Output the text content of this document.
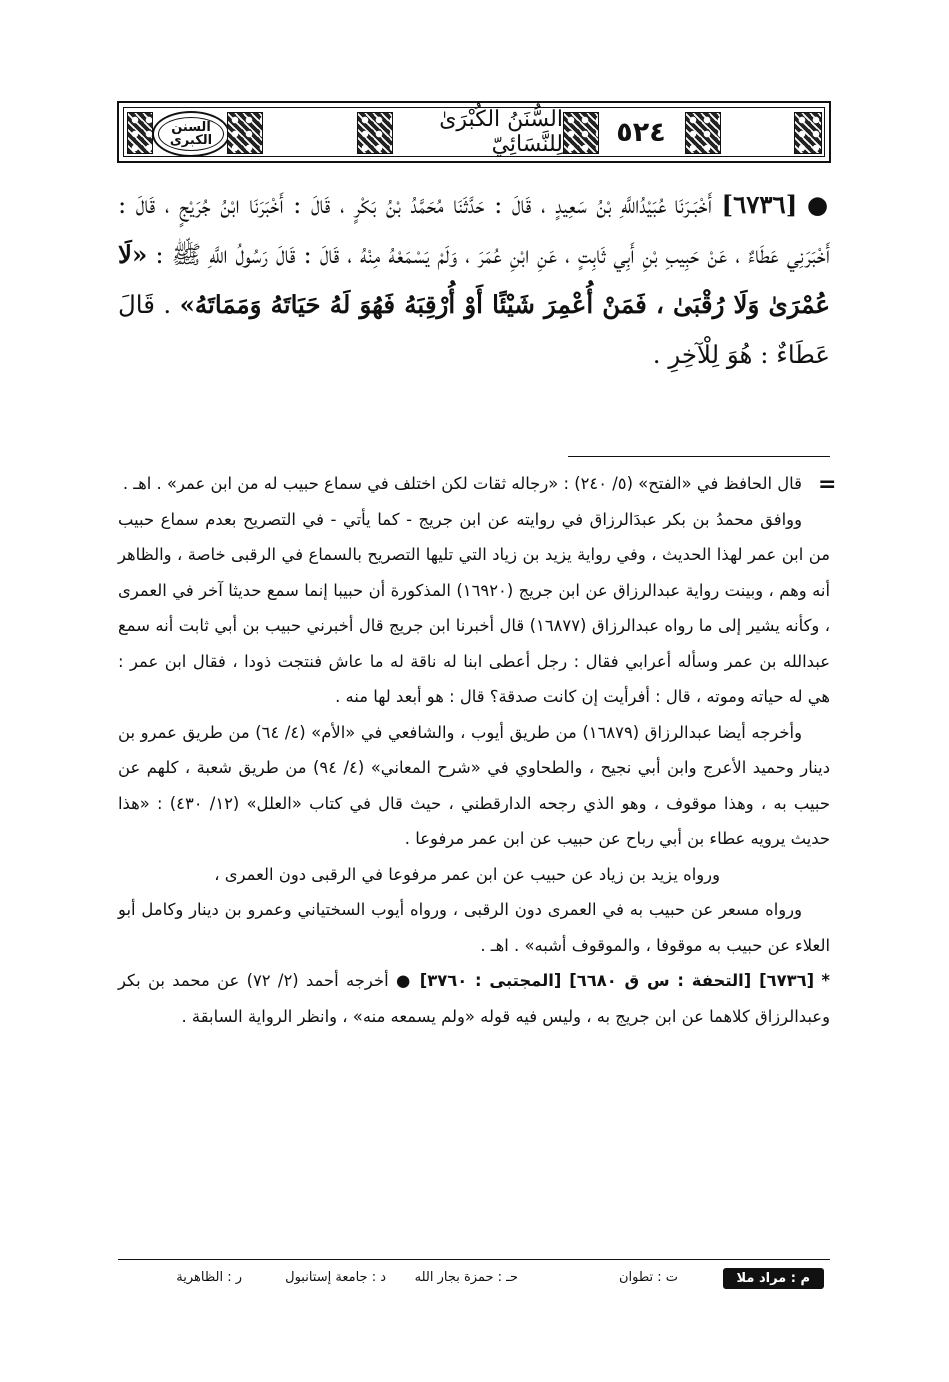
السنن الكبرى
السُّنَنُ الكُبْرَىٰ لِلنَّسَائِيّ ٥٢٤
● [٦٧٣٦] أَخْبَـرَنَا عُبَيْدُاللَّهِ بْنُ سَعِيدٍ ، قَالَ : حَدَّثَنَا مُحَمَّدُ بْنُ بَكْرٍ ، قَالَ : أَخْبَرَنَا ابْنُ جُرَيْجٍ ، قَالَ : أَخْبَرَنِي عَطَاءٌ ، عَنْ حَبِيبِ بْنِ أَبِي ثَابِتٍ ، عَنِ ابْنِ عُمَرَ ، وَلَمْ يَسْمَعْهُ مِنْهُ ، قَالَ : قَالَ رَسُولُ اللَّهِ ﷺ : «لَا عُمْرَىٰ وَلَا رُقْبَىٰ ، فَمَنْ أُعْمِرَ شَيْئًا أَوْ أُرْقِبَهُ فَهُوَ لَهُ حَيَاتَهُ وَمَمَاتَهُ» . قَالَ عَطَاءٌ : هُوَ لِلْآخِرِ .
=

قال الحافظ في «الفتح» (٥/ ٢٤٠) : «رجاله ثقات لكن اختلف في سماع حبيب له من ابن عمر» . اهـ .

ووافق محمدُ بن بكر عبدَالرزاق في روايته عن ابن جريج - كما يأتي - في التصريح بعدم سماع حبيب من ابن عمر لهذا الحديث ، وفي رواية يزيد بن زياد التي تليها التصريح بالسماع في الرقبى خاصة ، والظاهر أنه وهم ، وبينت رواية عبدالرزاق عن ابن جريج (١٦٩٢٠) المذكورة أن حبيبا إنما سمع حديثا آخر في العمرى ، وكأنه يشير إلى ما رواه عبدالرزاق (١٦٨٧٧) قال أخبرنا ابن جريج قال أخبرني حبيب بن أبي ثابت أنه سمع عبدالله بن عمر وسأله أعرابي فقال : رجل أعطى ابنا له ناقة له ما عاش فنتجت ذودا ، فقال ابن عمر : هي له حياته وموته ، قال : أفرأيت إن كانت صدقة؟ قال : هو أبعد لها منه .

وأخرجه أيضا عبدالرزاق (١٦٨٧٩) من طريق أيوب ، والشافعي في «الأم» (٤/ ٦٤) من طريق عمرو بن دينار وحميد الأعرج وابن أبي نجيح ، والطحاوي في «شرح المعاني» (٤/ ٩٤) من طريق شعبة ، كلهم عن حبيب به ، وهذا موقوف ، وهو الذي رجحه الدارقطني ، حيث قال في كتاب «العلل» (١٢/ ٤٣٠) : «هذا حديث يرويه عطاء بن أبي رباح عن حبيب عن ابن عمر مرفوعا .

ورواه يزيد بن زياد عن حبيب عن ابن عمر مرفوعا في الرقبى دون العمرى ،

ورواه مسعر عن حبيب به في العمرى دون الرقبى ، ورواه أيوب السختياني وعمرو بن دينار وكامل أبو العلاء عن حبيب به موقوفا ، والموقوف أشبه» . اهـ .

* [٦٧٣٦] [التحفة : س ق ٦٦٨٠] [المجتبى : ٣٧٦٠] ● أخرجه أحمد (٢/ ٧٢) عن محمد بن بكر وعبدالرزاق كلاهما عن ابن جريج به ، وليس فيه قوله «ولم يسمعه منه» ، وانظر الرواية السابقة .

م : مراد ملا
ت : تطوان
حـ : حمزة بجار الله
د : جامعة إستانبول
ر : الظاهرية
